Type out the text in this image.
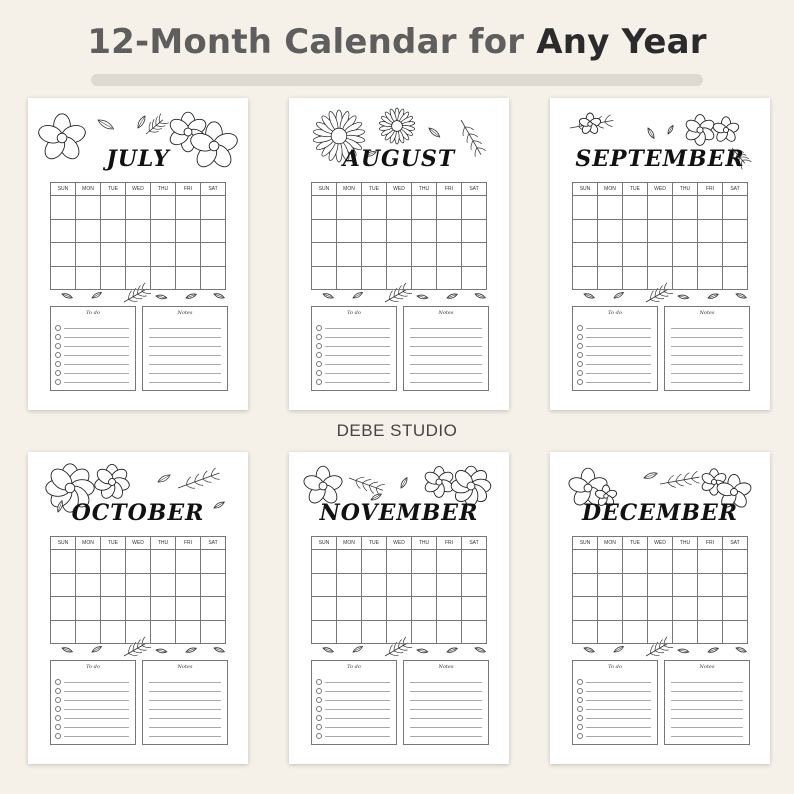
12-Month Calendar for Any Year
DEBE STUDIO
JULY
SUN	MON	TUE	WED	THU	FRI	SAT

To do	Notes
AUGUST
SUN	MON	TUE	WED	THU	FRI	SAT

To do	Notes
SEPTEMBER
SUN	MON	TUE	WED	THU	FRI	SAT

To do	Notes
OCTOBER
SUN	MON	TUE	WED	THU	FRI	SAT

To do	Notes
NOVEMBER
SUN	MON	TUE	WED	THU	FRI	SAT

To do	Notes
DECEMBER
SUN	MON	TUE	WED	THU	FRI	SAT

To do	Notes
